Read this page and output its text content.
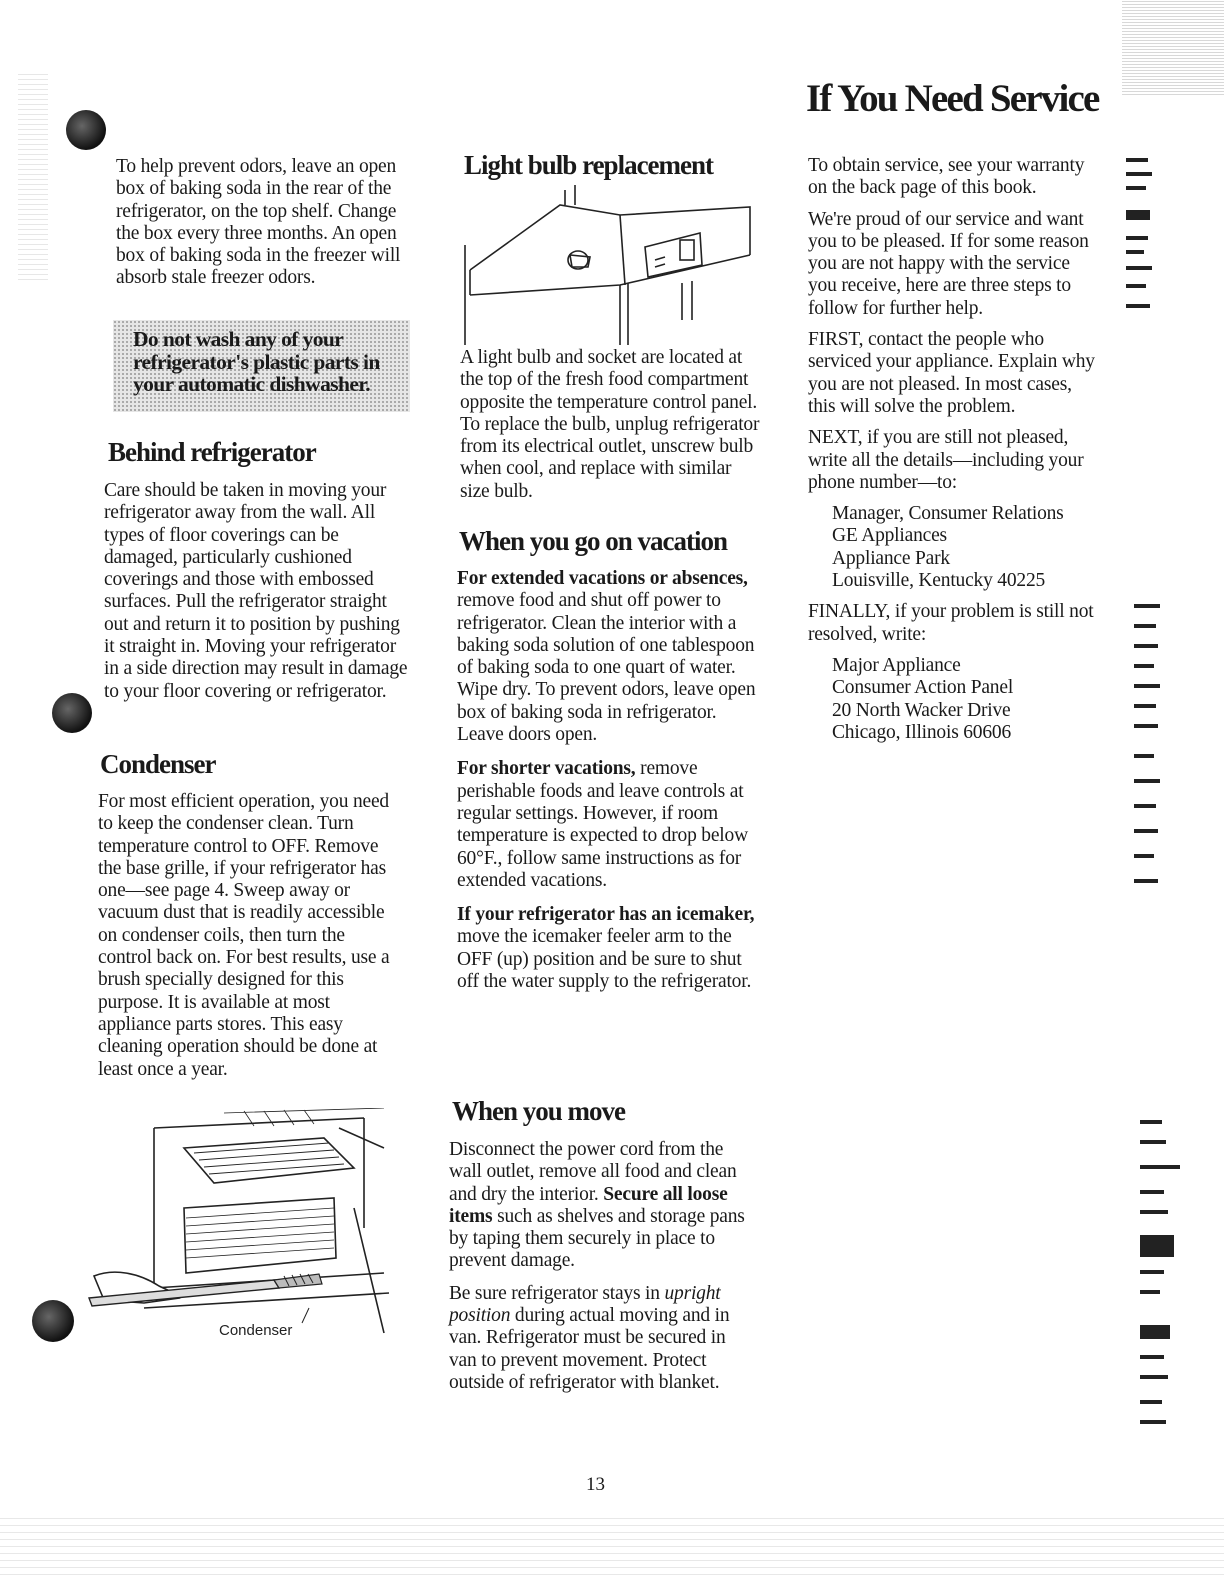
If You Need Service

To help prevent odors, leave an open box of baking soda in the rear of the refrigerator, on the top shelf. Change the box every three months. An open box of baking soda in the freezer will absorb stale freezer odors.

Do not wash any of your refrigerator's plastic parts in your automatic dishwasher.
Behind refrigerator

Care should be taken in moving your refrigerator away from the wall. All types of floor coverings can be damaged, particularly cushioned coverings and those with embossed surfaces. Pull the refrigerator straight out and return it to position by pushing it straight in. Moving your refrigerator in a side direction may result in damage to your floor covering or refrigerator.

Condenser

For most efficient operation, you need to keep the condenser clean. Turn temperature control to OFF. Remove the base grille, if your refrigerator has one—see page 4. Sweep away or vacuum dust that is readily accessible on condenser coils, then turn the control back on. For best results, use a brush specially designed for this purpose. It is available at most appliance parts stores. This easy cleaning operation should be done at least once a year.

Condenser
Light bulb replacement

A light bulb and socket are located at the top of the fresh food compartment opposite the temperature control panel. To replace the bulb, unplug refrigerator from its electrical outlet, unscrew bulb when cool, and replace with similar size bulb.

When you go on vacation

For extended vacations or absences, remove food and shut off power to refrigerator. Clean the interior with a baking soda solution of one tablespoon of baking soda to one quart of water. Wipe dry. To prevent odors, leave open box of baking soda in refrigerator. Leave doors open.

For shorter vacations, remove perishable foods and leave controls at regular settings. However, if room temperature is expected to drop below 60°F., follow same instructions as for extended vacations.

If your refrigerator has an icemaker, move the icemaker feeler arm to the OFF (up) position and be sure to shut off the water supply to the refrigerator.

When you move

Disconnect the power cord from the wall outlet, remove all food and clean and dry the interior. Secure all loose items such as shelves and storage pans by taping them securely in place to prevent damage.

Be sure refrigerator stays in upright position during actual moving and in van. Refrigerator must be secured in van to prevent movement. Protect outside of refrigerator with blanket.

To obtain service, see your warranty on the back page of this book.

We're proud of our service and want you to be pleased. If for some reason you are not happy with the service you receive, here are three steps to follow for further help.

FIRST, contact the people who serviced your appliance. Explain why you are not pleased. In most cases, this will solve the problem.

NEXT, if you are still not pleased, write all the details—including your phone number—to:

Manager, Consumer Relations
GE Appliances
Appliance Park
Louisville, Kentucky 40225

FINALLY, if your problem is still not resolved, write:

Major Appliance
Consumer Action Panel
20 North Wacker Drive
Chicago, Illinois 60606
13
